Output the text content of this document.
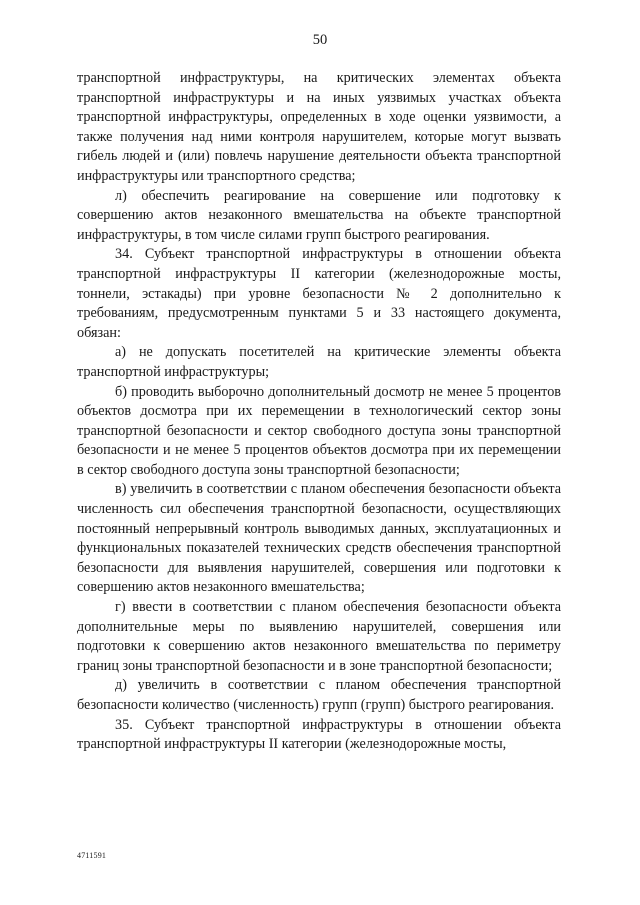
50

транспортной инфраструктуры, на критических элементах объекта транспортной инфраструктуры и на иных уязвимых участках объекта транспортной инфраструктуры, определенных в ходе оценки уязвимости, а также получения над ними контроля нарушителем, которые могут вызвать гибель людей и (или) повлечь нарушение деятельности объекта транспортной инфраструктуры или транспортного средства;

л) обеспечить реагирование на совершение или подготовку к совершению актов незаконного вмешательства на объекте транспортной инфраструктуры, в том числе силами групп быстрого реагирования.

34. Субъект транспортной инфраструктуры в отношении объекта транспортной инфраструктуры II категории (железнодорожные мосты, тоннели, эстакады) при уровне безопасности № 2 дополнительно к требованиям, предусмотренным пунктами 5 и 33 настоящего документа, обязан:

а) не допускать посетителей на критические элементы объекта транспортной инфраструктуры;

б) проводить выборочно дополнительный досмотр не менее 5 процентов объектов досмотра при их перемещении в технологический сектор зоны транспортной безопасности и сектор свободного доступа зоны транспортной безопасности и не менее 5 процентов объектов досмотра при их перемещении в сектор свободного доступа зоны транспортной безопасности;

в) увеличить в соответствии с планом обеспечения безопасности объекта численность сил обеспечения транспортной безопасности, осуществляющих постоянный непрерывный контроль выводимых данных, эксплуатационных и функциональных показателей технических средств обеспечения транспортной безопасности для выявления нарушителей, совершения или подготовки к совершению актов незаконного вмешательства;

г) ввести в соответствии с планом обеспечения безопасности объекта дополнительные меры по выявлению нарушителей, совершения или подготовки к совершению актов незаконного вмешательства по периметру границ зоны транспортной безопасности и в зоне транспортной безопасности;

д) увеличить в соответствии с планом обеспечения транспортной безопасности количество (численность) групп (групп) быстрого реагирования.

35. Субъект транспортной инфраструктуры в отношении объекта транспортной инфраструктуры II категории (железнодорожные мосты,

4711591
